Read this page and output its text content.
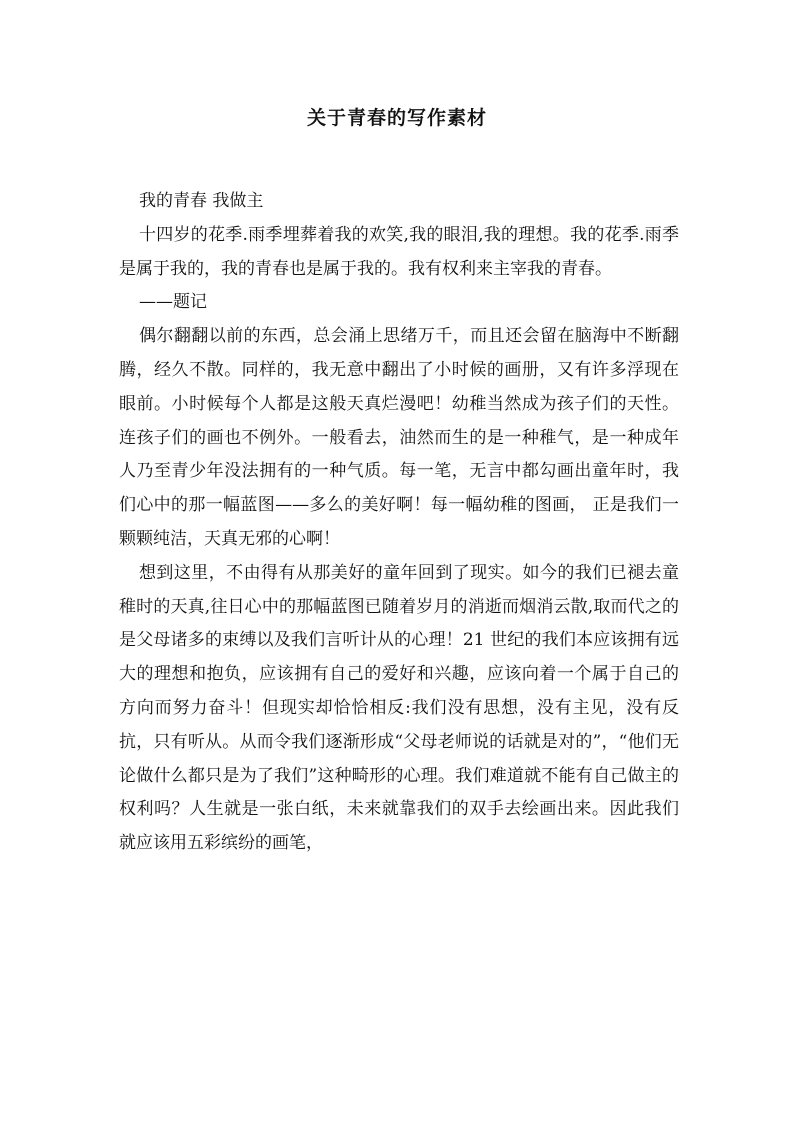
关于青春的写作素材

我的青春 我做主

十四岁的花季.雨季埋葬着我的欢笑,我的眼泪,我的理想。我的花季.雨季是属于我的，我的青春也是属于我的。我有权利来主宰我的青春。

——题记

偶尔翻翻以前的东西，总会涌上思绪万千，而且还会留在脑海中不断翻腾，经久不散。同样的，我无意中翻出了小时候的画册，又有许多浮现在眼前。小时候每个人都是这般天真烂漫吧！幼稚当然成为孩子们的天性。连孩子们的画也不例外。一般看去，油然而生的是一种稚气，是一种成年人乃至青少年没法拥有的一种气质。每一笔，无言中都勾画出童年时，我们心中的那一幅蓝图——多么的美好啊！每一幅幼稚的图画， 正是我们一颗颗纯洁，天真无邪的心啊！

想到这里，不由得有从那美好的童年回到了现实。如今的我们已褪去童稚时的天真,往日心中的那幅蓝图已随着岁月的消逝而烟消云散,取而代之的是父母诸多的束缚以及我们言听计从的心理！21 世纪的我们本应该拥有远大的理想和抱负，应该拥有自己的爱好和兴趣，应该向着一个属于自己的方向而努力奋斗！但现实却恰恰相反:我们没有思想，没有主见，没有反抗，只有听从。从而令我们逐渐形成“父母老师说的话就是对的”，“他们无论做什么都只是为了我们”这种畸形的心理。我们难道就不能有自己做主的权利吗？人生就是一张白纸，未来就靠我们的双手去绘画出来。因此我们就应该用五彩缤纷的画笔，
